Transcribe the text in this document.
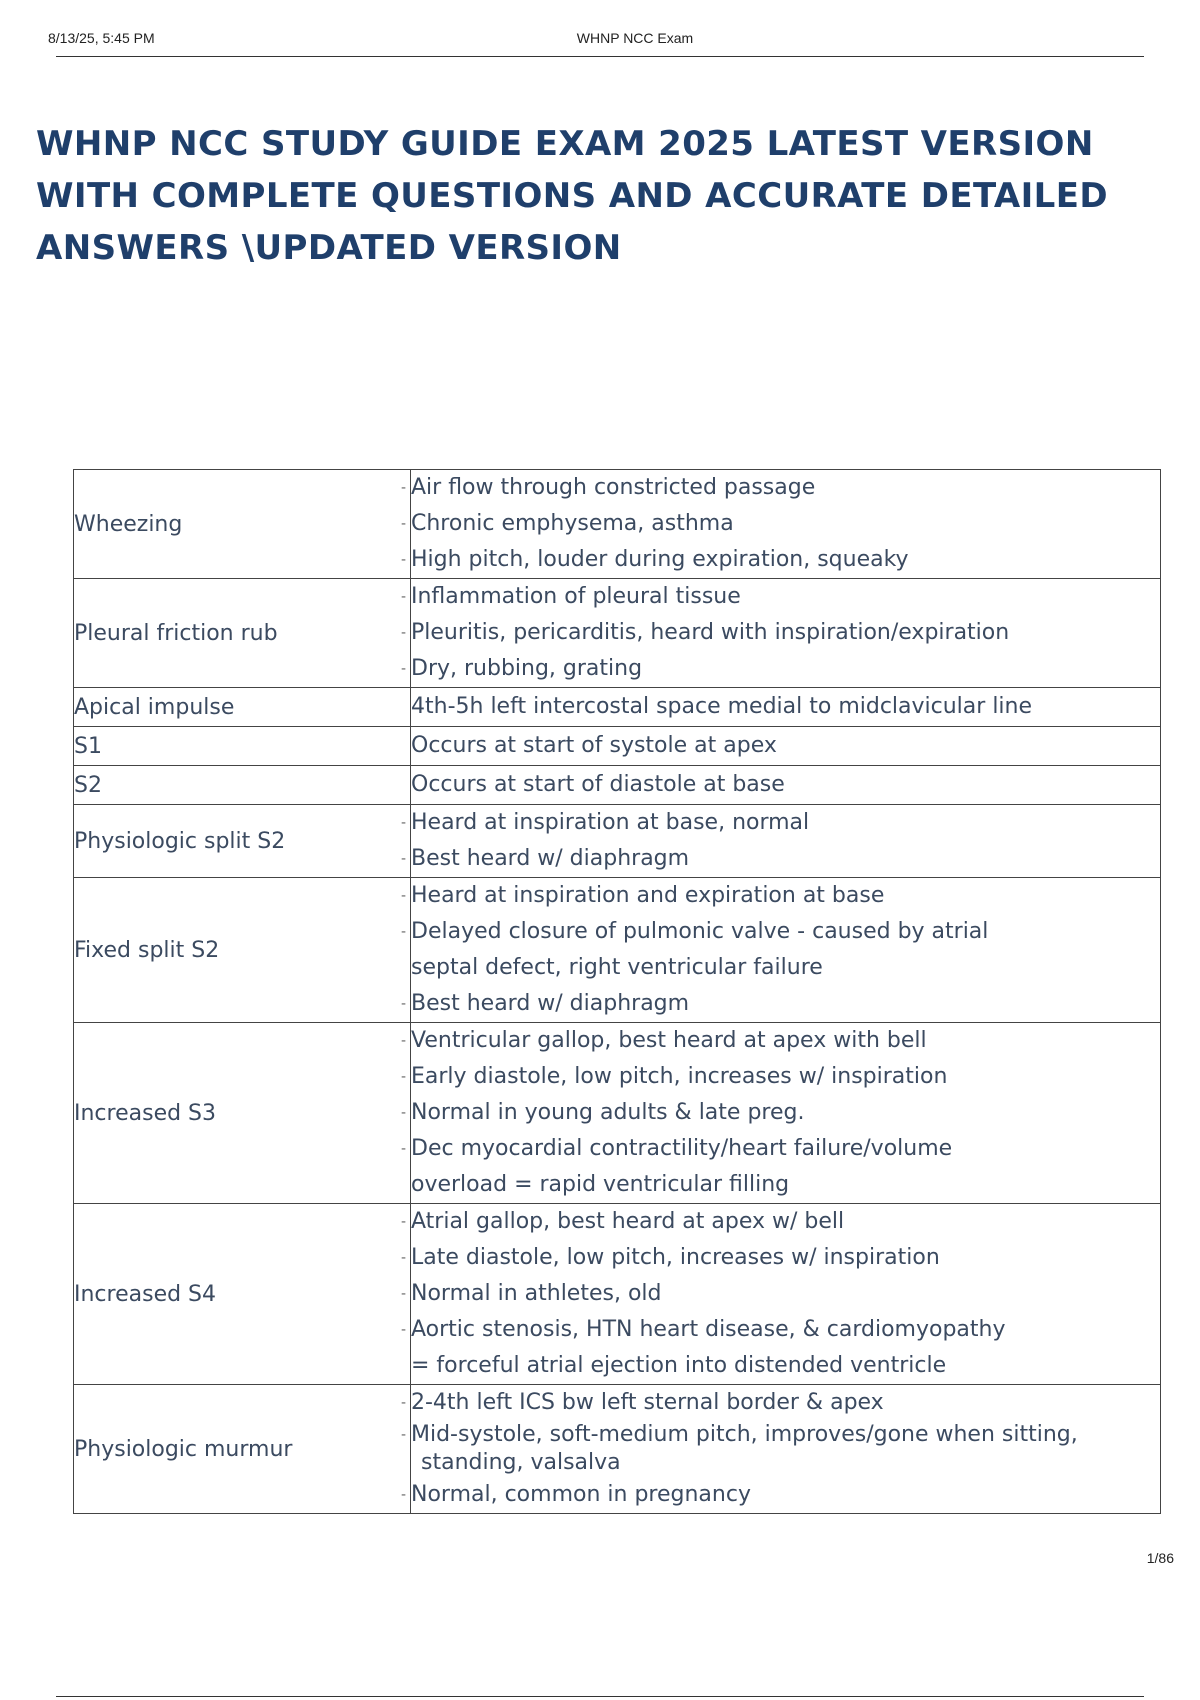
8/13/25, 5:45 PM	WHNP NCC Exam
WHNP NCC STUDY GUIDE EXAM 2025 LATEST VERSION
WITH COMPLETE QUESTIONS AND ACCURATE DETAILED
ANSWERS \UPDATED VERSION
Wheezing	- Air flow through constricted passage
- Chronic emphysema, asthma
- High pitch, louder during expiration, squeaky

Pleural friction rub	- Inflammation of pleural tissue
- Pleuritis, pericarditis, heard with inspiration/expiration
- Dry, rubbing, grating

Apical impulse	4th-5h left intercostal space medial to midclavicular line

S1	Occurs at start of systole at apex

S2	Occurs at start of diastole at base

Physiologic split S2	- Heard at inspiration at base, normal
- Best heard w/ diaphragm

Fixed split S2	- Heard at inspiration and expiration at base
- Delayed closure of pulmonic valve - caused by atrial
septal defect, right ventricular failure
- Best heard w/ diaphragm

Increased S3	- Ventricular gallop, best heard at apex with bell
- Early diastole, low pitch, increases w/ inspiration
- Normal in young adults & late preg.
- Dec myocardial contractility/heart failure/volume
overload = rapid ventricular filling

Increased S4	- Atrial gallop, best heard at apex w/ bell
- Late diastole, low pitch, increases w/ inspiration
- Normal in athletes, old
- Aortic stenosis, HTN heart disease, & cardiomyopathy
= forceful atrial ejection into distended ventricle

Physiologic murmur	- 2-4th left ICS bw left sternal border & apex
- Mid-systole, soft-medium pitch, improves/gone when sitting,
standing, valsalva
- Normal, common in pregnancy
1/86
